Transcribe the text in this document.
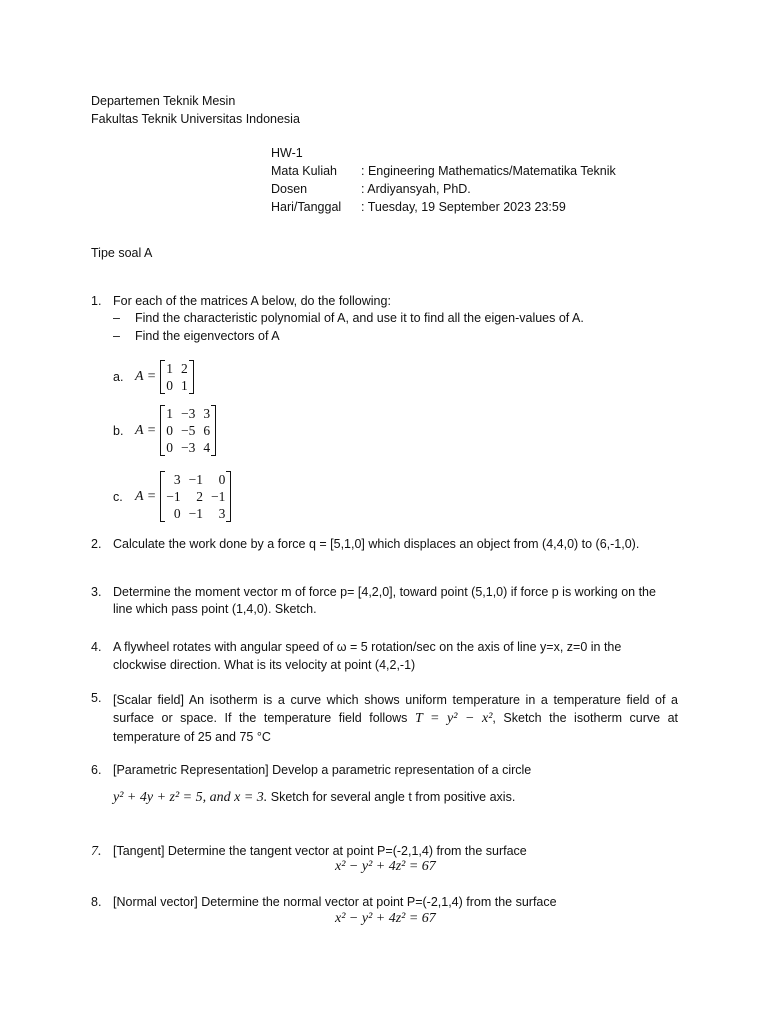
Departemen Teknik Mesin
Fakultas Teknik Universitas Indonesia
HW-1
Mata Kuliah : Engineering Mathematics/Matematika Teknik
Dosen	: Ardiyansyah, PhD.
Hari/Tanggal : Tuesday, 19 September 2023 23:59
Tipe soal A
1. For each of the matrices A below, do the following:
– Find the characteristic polynomial of A, and use it to find all the eigen-values of A.
– Find the eigenvectors of A
a. A =
1	2
0	1
b. A =
1	−3	3
0	−5	6
0	−3	4
c. A =
3	−1	0
−1	2	−1
0	−1	3
2. Calculate the work done by a force q = [5,1,0] which displaces an object from (4,4,0) to (6,-1,0).
3. Determine the moment vector m of force p= [4,2,0], toward point (5,1,0) if force p is working on the
line which pass point (1,4,0). Sketch.
4. A flywheel rotates with angular speed of ω = 5 rotation/sec on the axis of line y=x, z=0 in the
clockwise direction. What is its velocity at point (4,2,-1)
5. [Scalar field] An isotherm is a curve which shows uniform temperature in a temperature field of a surface or space. If the temperature field follows T = y² − x², Sketch the isotherm curve at temperature of 25 and 75 °C
6. [Parametric Representation] Develop a parametric representation of a circle
y² + 4y + z² = 5, and x = 3. Sketch for several angle t from positive axis.
7. [Tangent] Determine the tangent vector at point P=(-2,1,4) from the surface
x² − y² + 4z² = 67
8. [Normal vector] Determine the normal vector at point P=(-2,1,4) from the surface
x² − y² + 4z² = 67
